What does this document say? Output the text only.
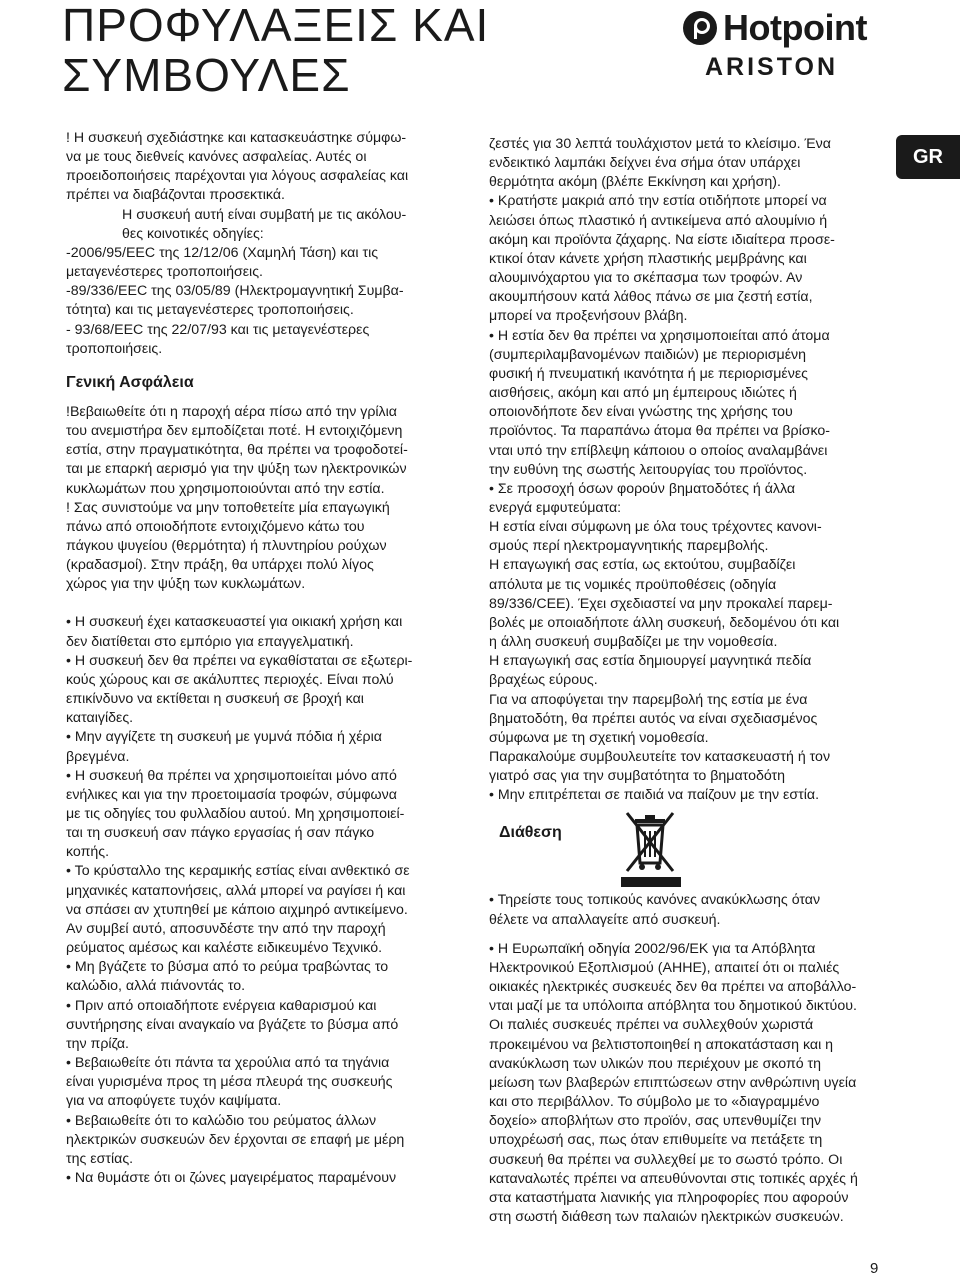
ΠΡΟΦΥΛΑΞΕΙΣ ΚΑΙ
ΣΥΜΒΟΥΛΕΣ
Hotpoint
ARISTON
GR

! Η συσκευή σχεδιάστηκε και κατασκευάστηκε σύμφω-

να με τους διεθνείς κανόνες ασφαλείας. Αυτές οι

προειδοποιήσεις παρέχονται για λόγους ασφαλείας και

πρέπει να διαβάζονται προσεκτικά.

Η συσκευή αυτή είναι συμβατή με τις ακόλου-

θες κοινοτικές οδηγίες:

-2006/95/EEC της 12/12/06 (Χαμηλή Τάση) και τις

μεταγενέστερες τροποποιήσεις.

-89/336/EEC της 03/05/89 (Ηλεκτρομαγνητική Συμβα-

τότητα) και τις μεταγενέστερες τροποποιήσεις.

- 93/68/EEC της 22/07/93 και τις μεταγενέστερες

τροποποιήσεις.

Γενική Ασφάλεια

!Βεβαιωθείτε ότι η παροχή αέρα πίσω από την γρίλια

του ανεμιστήρα δεν εμποδίζεται ποτέ. Η εντοιχιζόμενη

εστία, στην πραγματικότητα, θα πρέπει να τροφοδοτεί-

ται με επαρκή αερισμό για την ψύξη των ηλεκτρονικών

κυκλωμάτων που χρησιμοποιούνται από την εστία.

! Σας συνιστούμε να μην τοποθετείτε μία επαγωγική

πάνω από οποιοδήποτε εντοιχιζόμενο κάτω του

πάγκου ψυγείου (θερμότητα) ή πλυντηρίου ρούχων

(κραδασμοί). Στην πράξη, θα υπάρχει πολύ λίγος

χώρος για την ψύξη των κυκλωμάτων.

• Η συσκευή έχει κατασκευαστεί για οικιακή χρήση και

δεν διατίθεται στο εμπόριο για επαγγελματική.

• Η συσκευή δεν θα πρέπει να εγκαθίσταται σε εξωτερι-

κούς χώρους και σε ακάλυπτες περιοχές. Είναι πολύ

επικίνδυνο να εκτίθεται η συσκευή σε βροχή και

καταιγίδες.

• Μην αγγίζετε τη συσκευή με γυμνά πόδια ή χέρια

βρεγμένα.

• Η συσκευή θα πρέπει να χρησιμοποιείται μόνο από

ενήλικες και για την προετοιμασία τροφών, σύμφωνα

με τις οδηγίες του φυλλαδίου αυτού. Μη χρησιμοποιεί-

ται τη συσκευή σαν πάγκο εργασίας ή σαν πάγκο

κοπής.

• Το κρύσταλλο της κεραμικής εστίας είναι ανθεκτικό σε

μηχανικές καταπονήσεις, αλλά μπορεί να ραγίσει ή και

να σπάσει αν χτυπηθεί με κάποιο αιχμηρό αντικείμενο.

Αν συμβεί αυτό, αποσυνδέστε την από την παροχή

ρεύματος αμέσως και καλέστε ειδικευμένο Τεχνικό.

• Μη βγάζετε το βύσμα από το ρεύμα τραβώντας το

καλώδιο, αλλά πιάνοντάς το.

• Πριν από οποιαδήποτε ενέργεια καθαρισμού και

συντήρησης είναι αναγκαίο να βγάζετε το βύσμα από

την πρίζα.

• Βεβαιωθείτε ότι πάντα τα χερούλια από τα τηγάνια

είναι γυρισμένα προς τη μέσα πλευρά της συσκευής

για να αποφύγετε τυχόν καψίματα.

• Βεβαιωθείτε ότι το καλώδιο του ρεύματος άλλων

ηλεκτρικών συσκευών δεν έρχονται σε επαφή με μέρη

της εστίας.

• Να θυμάστε ότι οι ζώνες μαγειρέματος παραμένουν

ζεστές για 30 λεπτά τουλάχιστον μετά το κλείσιμο. Ένα

ενδεικτικό λαμπάκι δείχνει ένα σήμα όταν υπάρχει

θερμότητα ακόμη (βλέπε Εκκίνηση και χρήση).

• Κρατήστε μακριά από την εστία οτιδήποτε μπορεί να

λειώσει όπως πλαστικό ή αντικείμενα από αλουμίνιο ή

ακόμη και προϊόντα ζάχαρης. Να είστε ιδιαίτερα προσε-

κτικοί όταν κάνετε χρήση πλαστικής μεμβράνης και

αλουμινόχαρτου για το σκέπασμα των τροφών. Αν

ακουμπήσουν κατά λάθος πάνω σε μια ζεστή εστία,

μπορεί να προξενήσουν βλάβη.

• Η εστία δεν θα πρέπει να χρησιμοποιείται από άτομα

(συμπεριλαμβανομένων παιδιών) με περιορισμένη

φυσική ή πνευματική ικανότητα ή με περιορισμένες

αισθήσεις, ακόμη και από μη έμπειρους ιδιώτες ή

οποιονδήποτε δεν είναι γνώστης της χρήσης του

προϊόντος. Τα παραπάνω άτομα θα πρέπει να βρίσκο-

νται υπό την επίβλεψη κάποιου ο οποίος αναλαμβάνει

την ευθύνη της σωστής λειτουργίας του προϊόντος.

• Σε προσοχή όσων φορούν βηματοδότες ή άλλα

ενεργά εμφυτεύματα:

Η εστία είναι σύμφωνη με όλα τους τρέχοντες κανονι-

σμούς περί ηλεκτρομαγνητικής παρεμβολής.

Η επαγωγική σας εστία, ως εκτούτου, συμβαδίζει

απόλυτα με τις νομικές προϋποθέσεις (οδηγία

89/336/CEE). Έχει σχεδιαστεί να μην προκαλεί παρεμ-

βολές με οποιαδήποτε άλλη συσκευή, δεδομένου ότι και

η άλλη συσκευή συμβαδίζει με την νομοθεσία.

Η επαγωγική σας εστία δημιουργεί μαγνητικά πεδία

βραχέως εύρους.

Για να αποφύγεται την παρεμβολή της εστία με ένα

βηματοδότη, θα πρέπει αυτός να είναι σχεδιασμένος

σύμφωνα με τη σχετική νομοθεσία.

Παρακαλούμε συμβουλευτείτε τον κατασκευαστή ή τον

γιατρό σας για την συμβατότητα το βηματοδότη

• Μην επιτρέπεται σε παιδιά να παίζουν με την εστία.

Διάθεση

• Τηρείστε τους τοπικούς κανόνες ανακύκλωσης όταν

θέλετε να απαλλαγείτε από συσκευή.

• Η Ευρωπαϊκή οδηγία 2002/96/ΕΚ για τα Απόβλητα

Ηλεκτρονικού Εξοπλισμού (ΑΗΗΕ), απαιτεί ότι οι παλιές

οικιακές ηλεκτρικές συσκευές δεν θα πρέπει να αποβάλλο-

νται μαζί με τα υπόλοιπα απόβλητα του δημοτικού δικτύου.

Οι παλιές συσκευές πρέπει να συλλεχθούν χωριστά

προκειμένου να βελτιστοποιηθεί η αποκατάσταση και η

ανακύκλωση των υλικών που περιέχουν με σκοπό τη

μείωση των βλαβερών επιπτώσεων στην ανθρώπινη υγεία

και στο περιβάλλον. Το σύμβολο με το «διαγραμμένο

δοχείο» αποβλήτων στο προϊόν, σας υπενθυμίζει την

υποχρέωσή σας, πως όταν επιθυμείτε να πετάξετε τη

συσκευή θα πρέπει να συλλεχθεί με το σωστό τρόπο. Οι

καταναλωτές πρέπει να απευθύνονται στις τοπικές αρχές ή

στα καταστήματα λιανικής για πληροφορίες που αφορούν

στη σωστή διάθεση των παλαιών ηλεκτρικών συσκευών.

9
